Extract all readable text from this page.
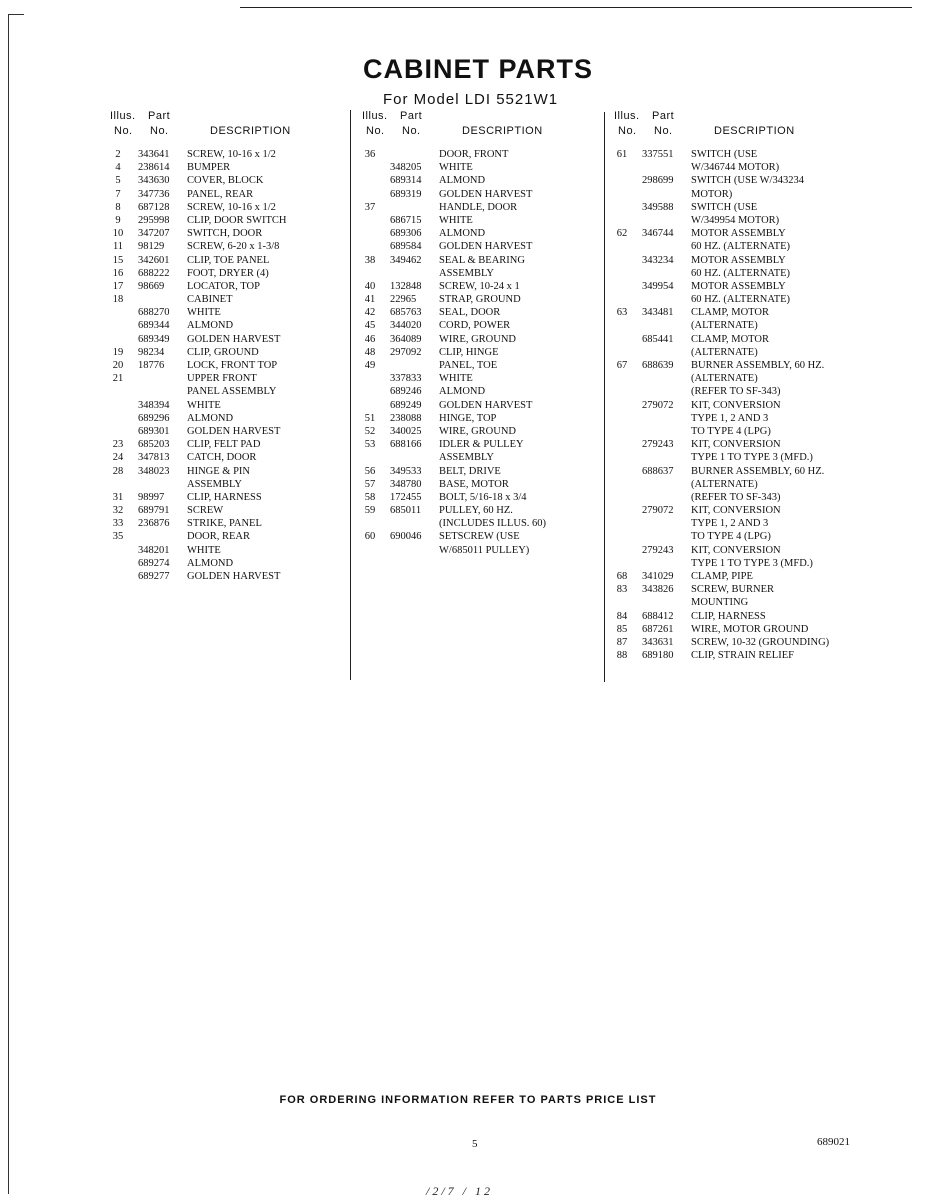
CABINET PARTS
For Model LDI 5521W1
Illus. Part
No. No.	DESCRIPTION
2	343641 SCREW, 10-16 x 1/2
4	238614 BUMPER
5	343630 COVER, BLOCK
7	347736 PANEL, REAR
8	687128 SCREW, 10-16 x 1/2
9	295998 CLIP, DOOR SWITCH
10 347207 SWITCH, DOOR
11 98129 SCREW, 6-20 x 1-3/8
15 342601 CLIP, TOE PANEL
16 688222 FOOT, DRYER (4)
17 98669 LOCATOR, TOP
18	CABINET
688270 WHITE
689344 ALMOND
689349 GOLDEN HARVEST
19 98234 CLIP, GROUND
20 18776 LOCK, FRONT TOP
21	UPPER FRONT
PANEL ASSEMBLY
348394 WHITE
689296 ALMOND
689301 GOLDEN HARVEST
23 685203 CLIP, FELT PAD
24 347813 CATCH, DOOR
28 348023 HINGE & PIN
ASSEMBLY
31 98997 CLIP, HARNESS
32 689791 SCREW
33 236876 STRIKE, PANEL
35	DOOR, REAR
348201 WHITE
689274 ALMOND
689277 GOLDEN HARVEST
Illus. Part
No. No.	DESCRIPTION
36	DOOR, FRONT
348205 WHITE
689314 ALMOND
689319 GOLDEN HARVEST
37	HANDLE, DOOR
686715 WHITE
689306 ALMOND
689584 GOLDEN HARVEST
38 349462 SEAL & BEARING
ASSEMBLY
40 132848 SCREW, 10-24 x 1
41 22965 STRAP, GROUND
42 685763 SEAL, DOOR
45 344020 CORD, POWER
46 364089 WIRE, GROUND
48 297092 CLIP, HINGE
49	PANEL, TOE
337833 WHITE
689246 ALMOND
689249 GOLDEN HARVEST
51 238088 HINGE, TOP
52 340025 WIRE, GROUND
53 688166 IDLER & PULLEY
ASSEMBLY
56 349533 BELT, DRIVE
57 348780 BASE, MOTOR
58 172455 BOLT, 5/16-18 x 3/4
59 685011 PULLEY, 60 HZ.
(INCLUDES ILLUS. 60)
60 690046 SETSCREW (USE
W/685011 PULLEY)
Illus. Part
No. No.	DESCRIPTION
61 337551 SWITCH (USE
W/346744 MOTOR)
298699 SWITCH (USE W/343234
MOTOR)
349588 SWITCH (USE
W/349954 MOTOR)
62 346744 MOTOR ASSEMBLY
60 HZ. (ALTERNATE)
343234 MOTOR ASSEMBLY
60 HZ. (ALTERNATE)
349954 MOTOR ASSEMBLY
60 HZ. (ALTERNATE)
63 343481 CLAMP, MOTOR
(ALTERNATE)
685441 CLAMP, MOTOR
(ALTERNATE)
67 688639 BURNER ASSEMBLY, 60 HZ.
(ALTERNATE)
(REFER TO SF-343)
279072 KIT, CONVERSION
TYPE 1, 2 AND 3
TO TYPE 4 (LPG)
279243 KIT, CONVERSION
TYPE 1 TO TYPE 3 (MFD.)
688637 BURNER ASSEMBLY, 60 HZ.
(ALTERNATE)
(REFER TO SF-343)
279072 KIT, CONVERSION
TYPE 1, 2 AND 3
TO TYPE 4 (LPG)
279243 KIT, CONVERSION
TYPE 1 TO TYPE 3 (MFD.)
68 341029 CLAMP, PIPE
83 343826 SCREW, BURNER
MOUNTING
84 688412 CLIP, HARNESS
85 687261 WIRE, MOTOR GROUND
87 343631 SCREW, 10-32 (GROUNDING)
88 689180 CLIP, STRAIN RELIEF
FOR ORDERING INFORMATION REFER TO PARTS PRICE LIST
5	689021
/2/7 / 12
